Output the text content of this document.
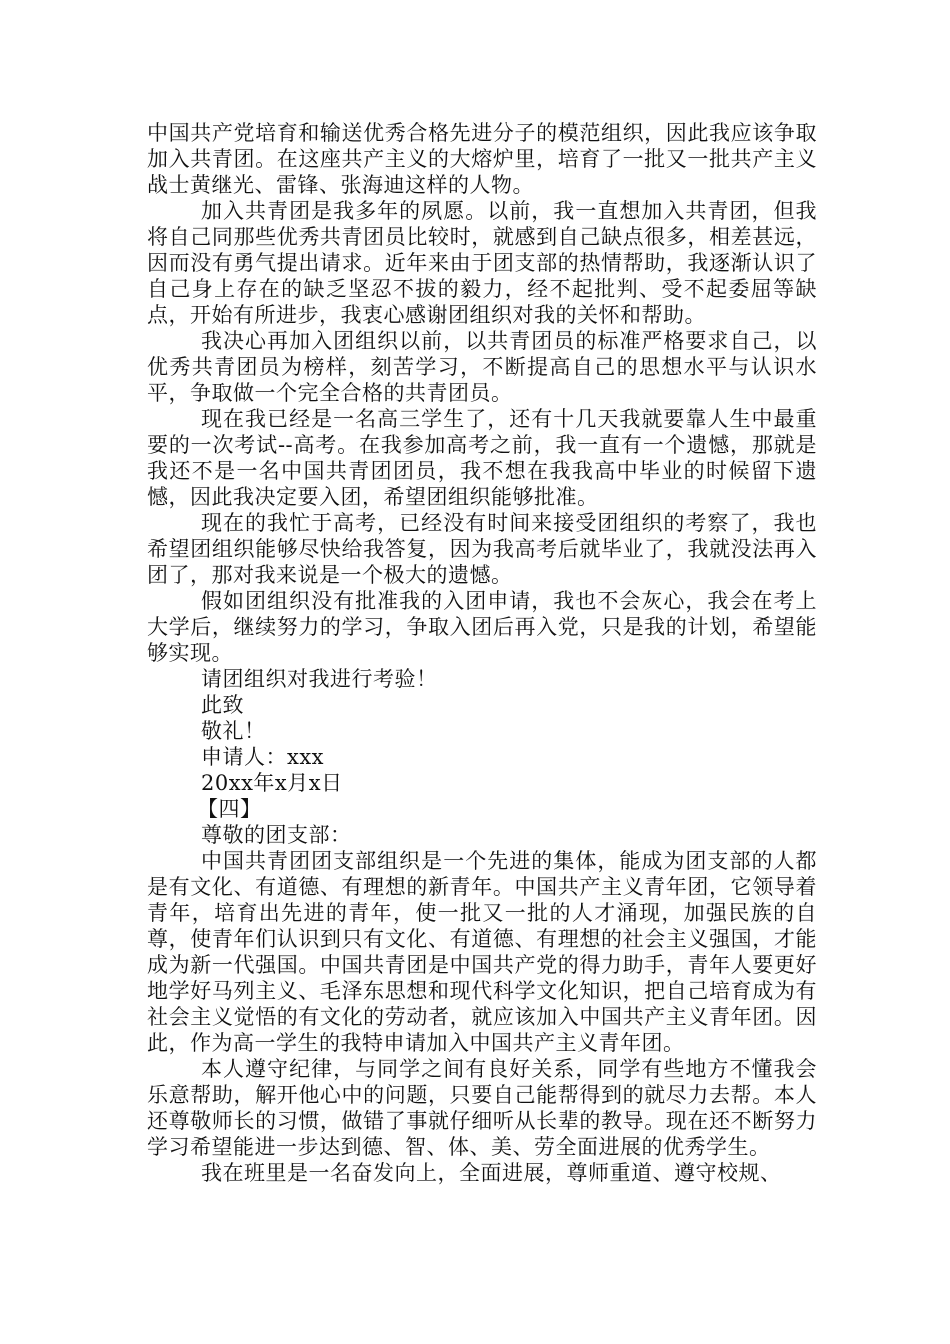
中国共产党培育和输送优秀合格先进分子的模范组织，因此我应该争取加入共青团。在这座共产主义的大熔炉里，培育了一批又一批共产主义战士黄继光、雷锋、张海迪这样的人物。

加入共青团是我多年的夙愿。以前，我一直想加入共青团，但我将自己同那些优秀共青团员比较时，就感到自己缺点很多，相差甚远，因而没有勇气提出请求。近年来由于团支部的热情帮助，我逐渐认识了自己身上存在的缺乏坚忍不拔的毅力，经不起批判、受不起委屈等缺点，开始有所进步，我衷心感谢团组织对我的关怀和帮助。

我决心再加入团组织以前，以共青团员的标准严格要求自己，以优秀共青团员为榜样，刻苦学习，不断提高自己的思想水平与认识水平，争取做一个完全合格的共青团员。

现在我已经是一名高三学生了，还有十几天我就要靠人生中最重要的一次考试--高考。在我参加高考之前，我一直有一个遗憾，那就是我还不是一名中国共青团团员，我不想在我我高中毕业的时候留下遗憾，因此我决定要入团，希望团组织能够批准。

现在的我忙于高考，已经没有时间来接受团组织的考察了，我也希望团组织能够尽快给我答复，因为我高考后就毕业了，我就没法再入团了，那对我来说是一个极大的遗憾。

假如团组织没有批准我的入团申请，我也不会灰心，我会在考上大学后，继续努力的学习，争取入团后再入党，只是我的计划，希望能够实现。

请团组织对我进行考验！

此致

敬礼！

申请人：xxx

20xx年x月x日

【四】

尊敬的团支部：

中国共青团团支部组织是一个先进的集体，能成为团支部的人都是有文化、有道德、有理想的新青年。中国共产主义青年团，它领导着青年，培育出先进的青年，使一批又一批的人才涌现，加强民族的自尊，使青年们认识到只有文化、有道德、有理想的社会主义强国，才能成为新一代强国。中国共青团是中国共产党的得力助手，青年人要更好地学好马列主义、毛泽东思想和现代科学文化知识，把自己培育成为有社会主义觉悟的有文化的劳动者，就应该加入中国共产主义青年团。因此，作为高一学生的我特申请加入中国共产主义青年团。

本人遵守纪律，与同学之间有良好关系，同学有些地方不懂我会乐意帮助，解开他心中的问题，只要自己能帮得到的就尽力去帮。本人还尊敬师长的习惯，做错了事就仔细听从长辈的教导。现在还不断努力学习希望能进一步达到德、智、体、美、劳全面进展的优秀学生。

我在班里是一名奋发向上，全面进展，尊师重道、遵守校规、
